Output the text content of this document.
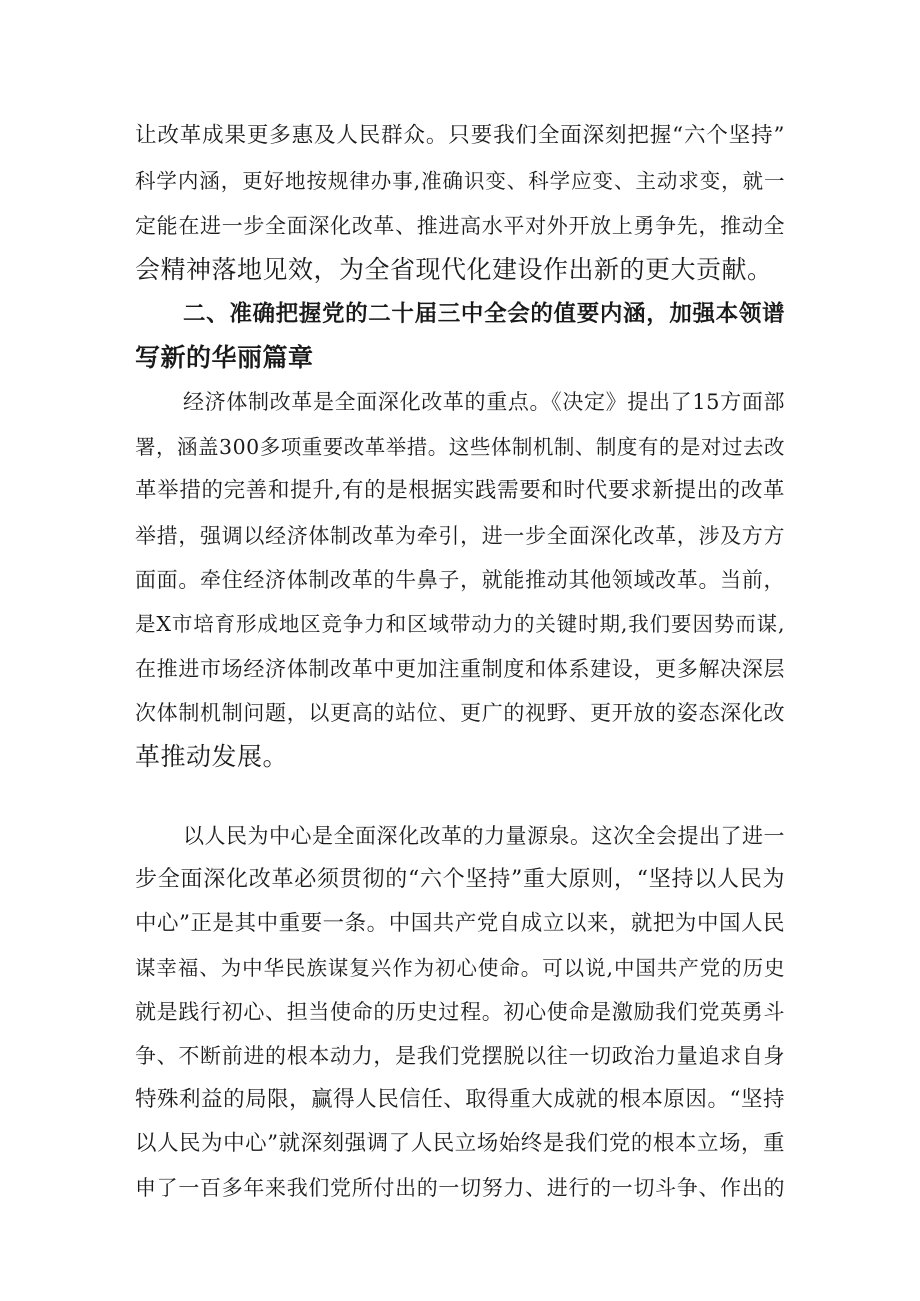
让改革成果更多惠及人民群众。只要我们全面深刻把握“六个坚持”
科学内涵，更好地按规律办事,准确识变、科学应变、主动求变，就一
定能在进一步全面深化改革、推进高水平对外开放上勇争先，推动全
会精神落地见效，为全省现代化建设作出新的更大贡献。
二、准确把握党的二十届三中全会的值要内涵，加强本领谱
写新的华丽篇章
经济体制改革是全面深化改革的重点。《决定》提出了15方面部
署，涵盖300多项重要改革举措。这些体制机制、制度有的是对过去改
革举措的完善和提升,有的是根据实践需要和时代要求新提出的改革
举措，强调以经济体制改革为牵引，进一步全面深化改革，涉及方方
面面。牵住经济体制改革的牛鼻子，就能推动其他领域改革。当前，
是X市培育形成地区竞争力和区域带动力的关键时期,我们要因势而谋,
在推进市场经济体制改革中更加注重制度和体系建设，更多解决深层
次体制机制问题，以更高的站位、更广的视野、更开放的姿态深化改
革推动发展。
以人民为中心是全面深化改革的力量源泉。这次全会提出了进一
步全面深化改革必须贯彻的“六个坚持”重大原则，“坚持以人民为
中心”正是其中重要一条。中国共产党自成立以来，就把为中国人民
谋幸福、为中华民族谋复兴作为初心使命。可以说,中国共产党的历史
就是践行初心、担当使命的历史过程。初心使命是激励我们党英勇斗
争、不断前进的根本动力，是我们党摆脱以往一切政治力量追求自身
特殊利益的局限，赢得人民信任、取得重大成就的根本原因。“坚持
以人民为中心”就深刻强调了人民立场始终是我们党的根本立场，重
申了一百多年来我们党所付出的一切努力、进行的一切斗争、作出的
